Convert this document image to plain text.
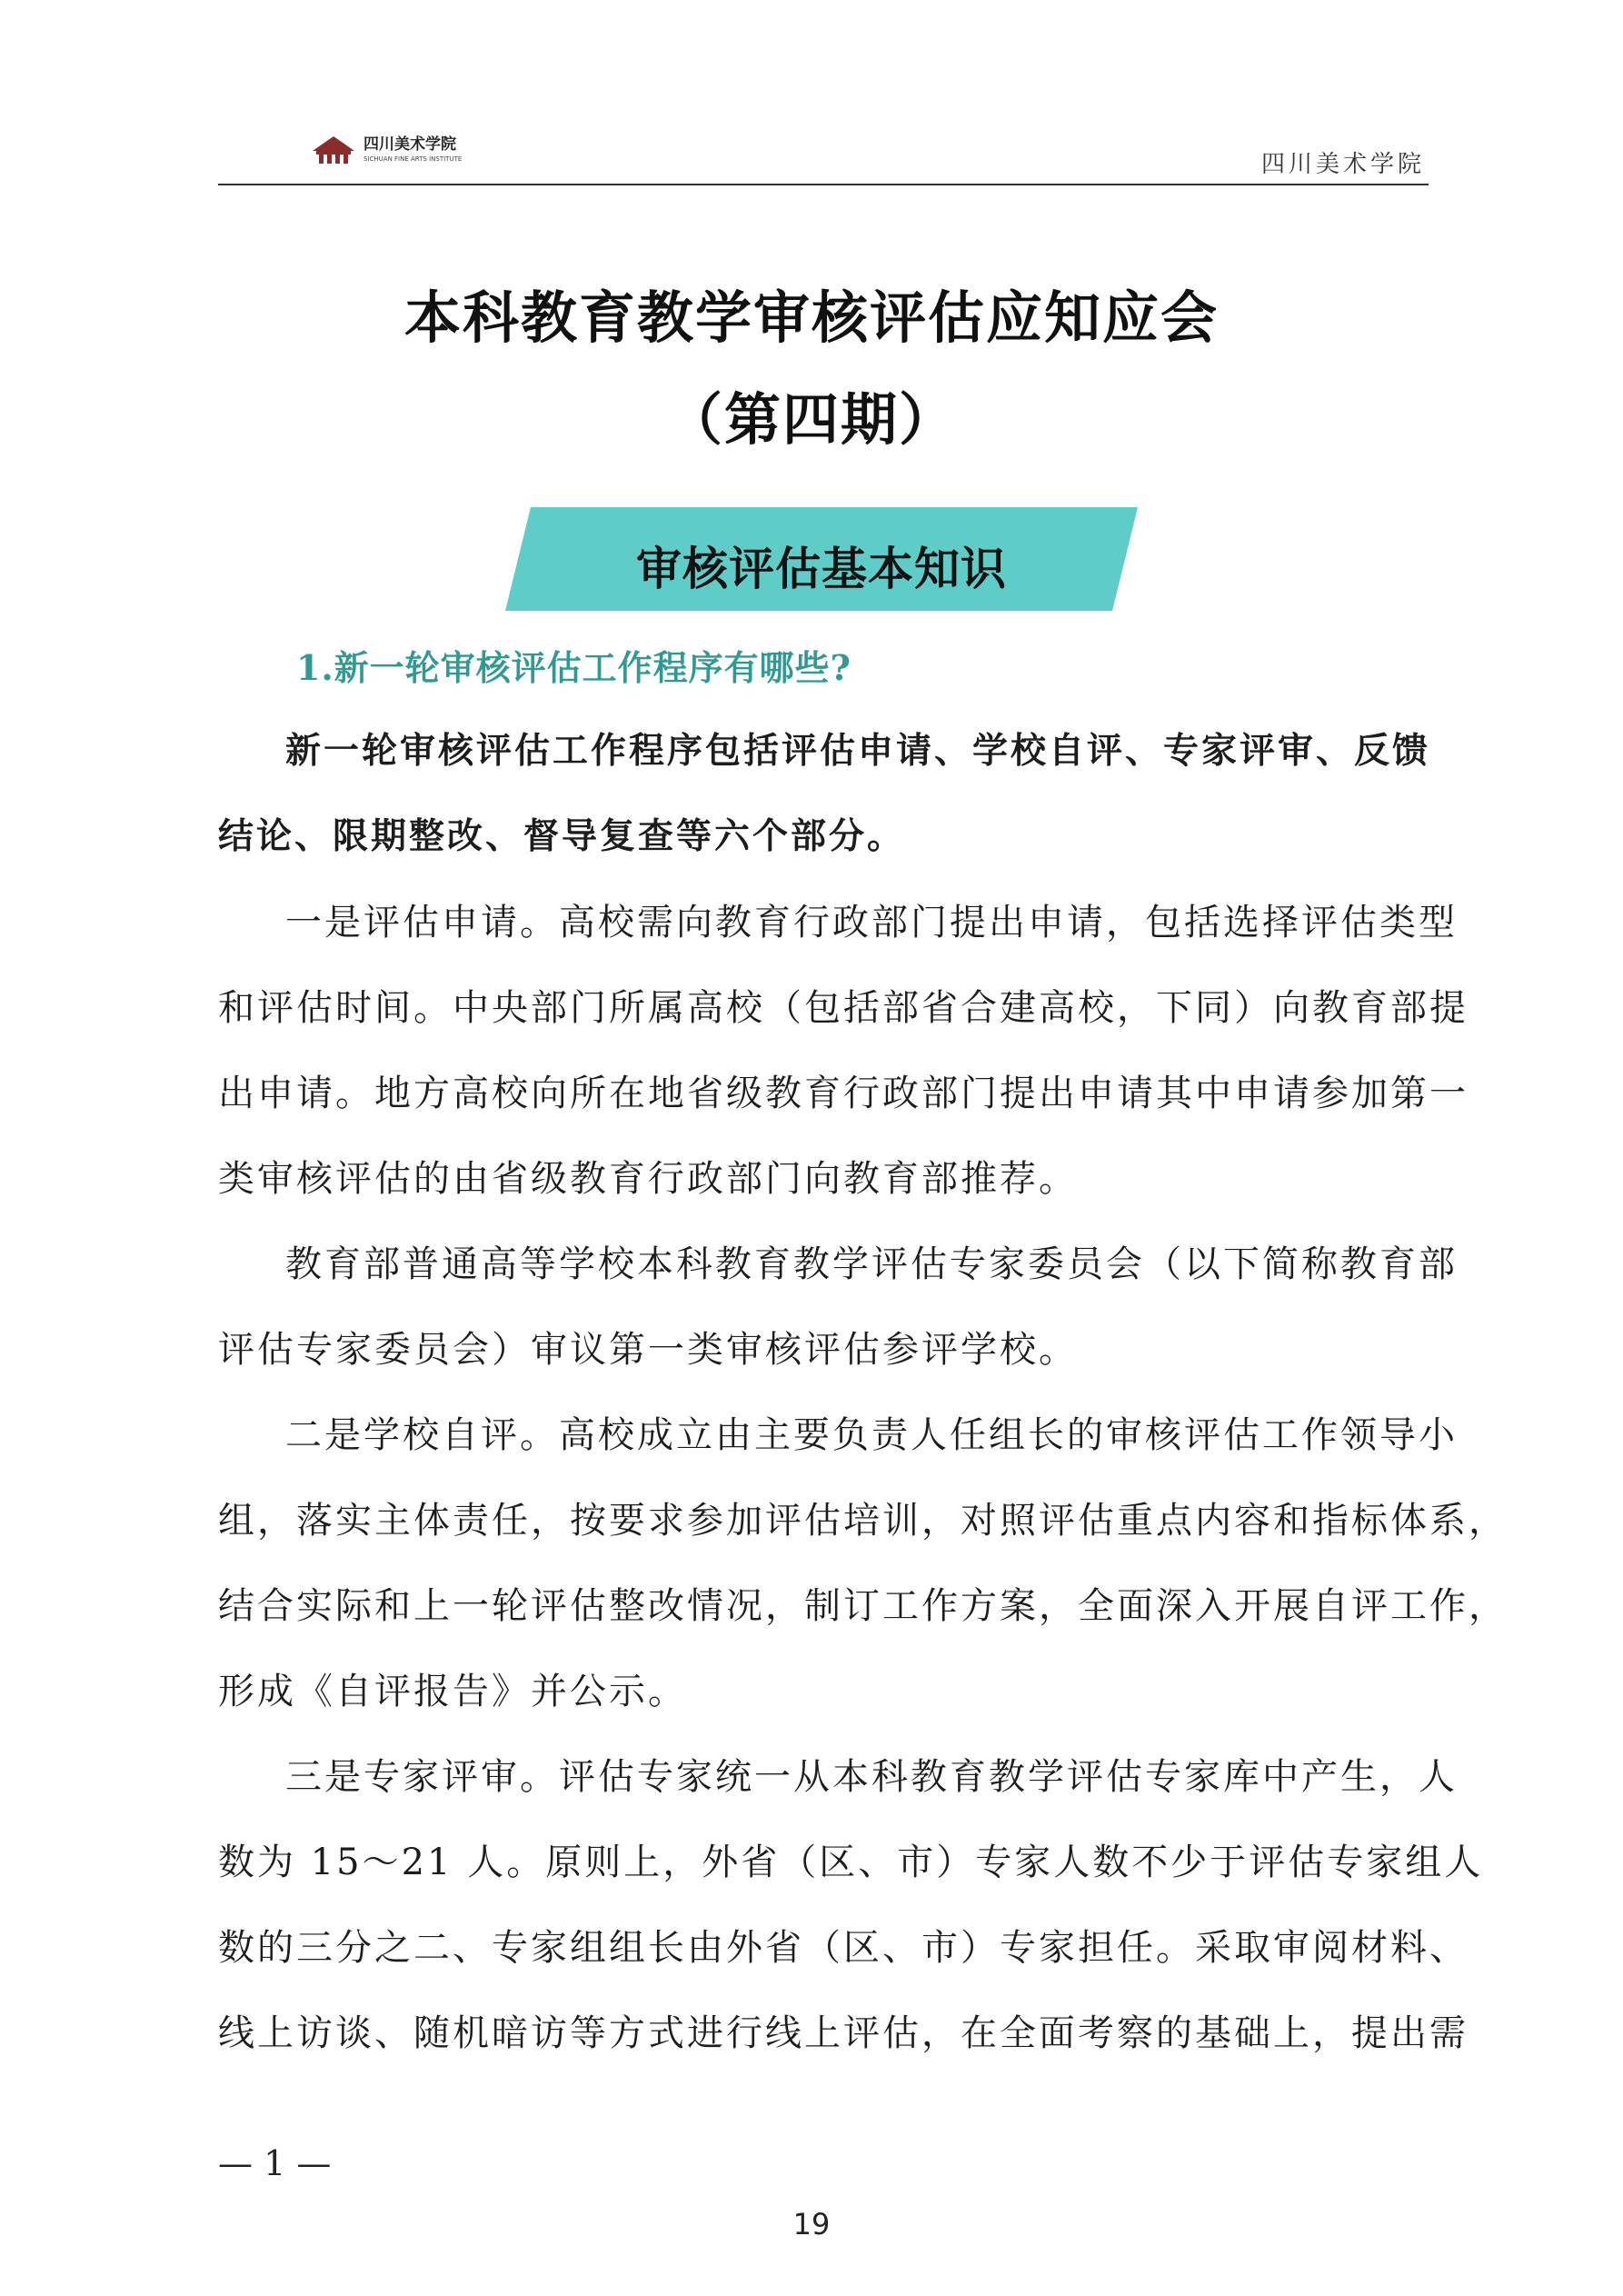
四川美术学院
SICHUAN FINE ARTS INSTITUTE	四川美术学院
本科教育教学审核评估应知应会
（第四期）
审核评估基本知识
1.新一轮审核评估工作程序有哪些?
新一轮审核评估工作程序包括评估申请、学校自评、专家评审、反馈
结论、限期整改、督导复查等六个部分。
一是评估申请。高校需向教育行政部门提出申请，包括选择评估类型
和评估时间。中央部门所属高校（包括部省合建高校，下同）向教育部提
出申请。地方高校向所在地省级教育行政部门提出申请其中申请参加第一
类审核评估的由省级教育行政部门向教育部推荐。
教育部普通高等学校本科教育教学评估专家委员会（以下简称教育部
评估专家委员会）审议第一类审核评估参评学校。
二是学校自评。高校成立由主要负责人任组长的审核评估工作领导小
组，落实主体责任，按要求参加评估培训，对照评估重点内容和指标体系，
结合实际和上一轮评估整改情况，制订工作方案，全面深入开展自评工作，
形成《自评报告》并公示。
三是专家评审。评估专家统一从本科教育教学评估专家库中产生，人
数为 15～21 人。原则上，外省（区、市）专家人数不少于评估专家组人
数的三分之二、专家组组长由外省（区、市）专家担任。采取审阅材料、
线上访谈、随机暗访等方式进行线上评估，在全面考察的基础上，提出需
— 1 —
19
